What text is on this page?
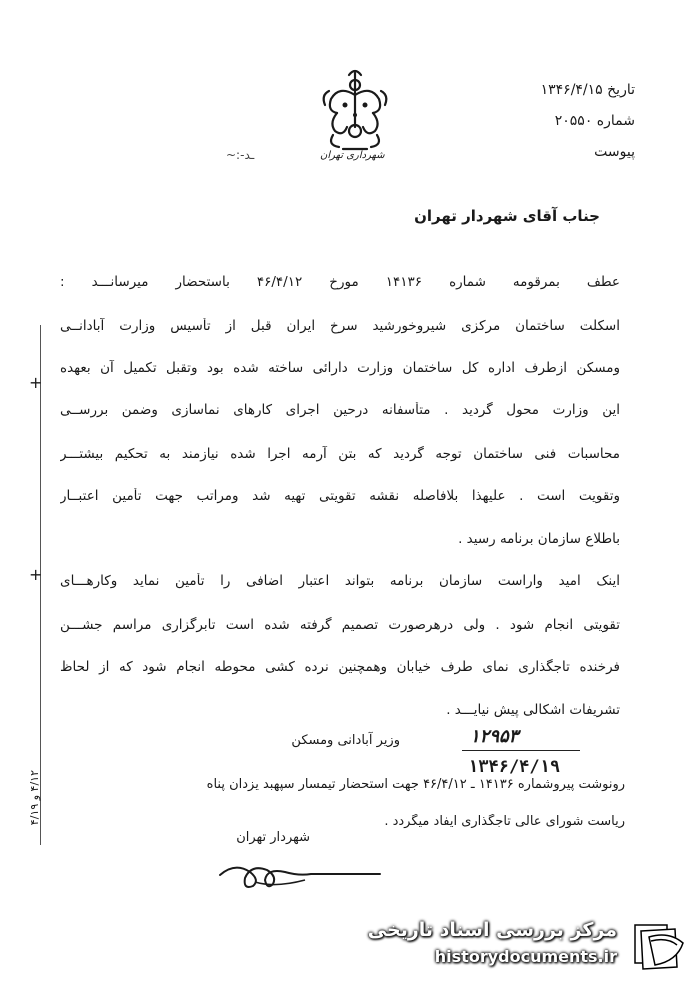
تاریخ ۱۳۴۶/۴/۱۵
شماره ۲۰۵۵۰
پیوست
شهرداری تهران
~:-ـد
جناب آقای شهردار تهران
عطف بمرقومه شماره ۱۴۱۳۶ مورخ ۴۶/۴/۱۲ باستحضار میرسانـــد :
اسکلت ساختمان مرکزی شیروخورشید سرخ ایران قبل از تأسیس وزارت آبادانــی
ومسکن ازطرف اداره کل ساختمان وزارت دارائی ساخته شده بود وتقبل تکمیل آن بعهده
این وزارت محول گردید . متأسفانه درحین اجرای کارهای نماسازی وضمن بررســی
محاسبات فنی ساختمان توجه گردید که بتن آرمه اجرا شده نیازمند به تحکیم بیشتـــر
وتقویت است . علیهذا بلافاصله نقشه تقویتی تهیه شد ومراتب جهت تأمین اعتبــار
باطلاع سازمان برنامه رسید .
اینک امید واراست سازمان برنامه بتواند اعتبار اضافی را تأمین نماید وکارهـــای
تقویتی انجام شود . ولی درهرصورت تصمیم گرفته شده است تابرگزاری مراسم جشـــن
فرخنده تاجگذاری نمای طرف خیابان وهمچنین نرده کشی محوطه انجام شود که از لحاظ
تشریفات اشکالی پیش نیایـــد .
+
+
۴/۱۲ و ۴/۱۹
وزیر آبادانی ومسکن	۱۲۹۵۳
۱۳۴۶/۴/۱۹
رونوشت پیروشماره ۱۴۱۳۶ ـ ۴۶/۴/۱۲ جهت استحضار تیمسار سپهبد یزدان پناه
ریاست شورای عالی تاجگذاری ایفاد میگردد .
شهردار تهران
مرکز بررسی اسناد تاریخی
historydocuments.ir
